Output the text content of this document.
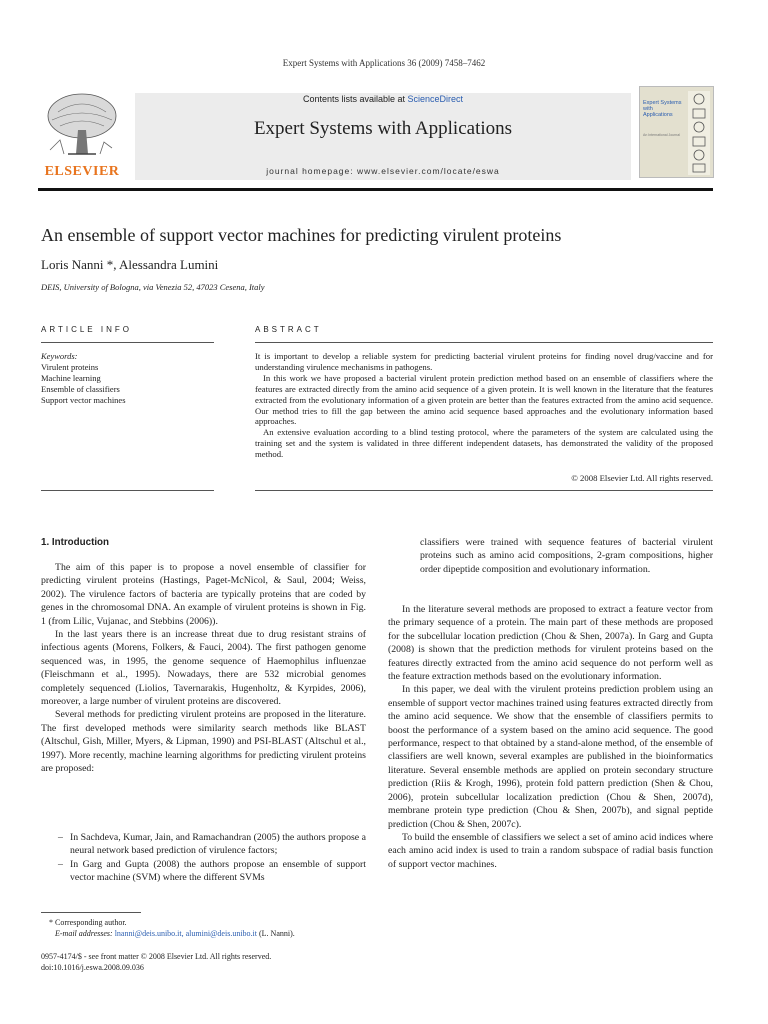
Expert Systems with Applications 36 (2009) 7458–7462
Contents lists available at ScienceDirect
Expert Systems with Applications
journal homepage: www.elsevier.com/locate/eswa
ELSEVIER
Expert Systems with Applications
An International Journal
An ensemble of support vector machines for predicting virulent proteins
Loris Nanni *, Alessandra Lumini
DEIS, University of Bologna, via Venezia 52, 47023 Cesena, Italy
ARTICLE INFO	ABSTRACT
Keywords:
Virulent proteins
Machine learning
Ensemble of classifiers
Support vector machines

It is important to develop a reliable system for predicting bacterial virulent proteins for finding novel drug/vaccine and for understanding virulence mechanisms in pathogens.

In this work we have proposed a bacterial virulent protein prediction method based on an ensemble of classifiers where the features are extracted directly from the amino acid sequence of a given protein. It is well known in the literature that the features extracted from the evolutionary information of a given protein are better than the features extracted from the amino acid sequence. Our method tries to fill the gap between the amino acid sequence based approaches and the evolutionary information based approaches.

An extensive evaluation according to a blind testing protocol, where the parameters of the system are calculated using the training set and the system is validated in three different independent datasets, has demonstrated the validity of the proposed method.

© 2008 Elsevier Ltd. All rights reserved.
1. Introduction

The aim of this paper is to propose a novel ensemble of classifier for predicting virulent proteins (Hastings, Paget-McNicol, & Saul, 2004; Weiss, 2002). The virulence factors of bacteria are typically proteins that are coded by genes in the chromosomal DNA. An example of virulent proteins is shown in Fig. 1 (from Lilic, Vujanac, and Stebbins (2006)).

In the last years there is an increase threat due to drug resistant strains of infectious agents (Morens, Folkers, & Fauci, 2004). The first pathogen genome sequenced was, in 1995, the genome sequence of Haemophilus influenzae (Fleischmann et al., 1995). Nowadays, there are 532 microbial genomes completely sequenced (Liolios, Tavernarakis, Hugenholtz, & Kyrpides, 2006), moreover, a large number of virulent proteins are discovered.

Several methods for predicting virulent proteins are proposed in the literature. The first developed methods were similarity search methods like BLAST (Altschul, Gish, Miller, Myers, & Lipman, 1990) and PSI-BLAST (Altschul et al., 1997). More recently, machine learning algorithms for predicting virulent proteins are proposed:

– In Sachdeva, Kumar, Jain, and Ramachandran (2005) the authors propose a neural network based prediction of virulence factors;
– In Garg and Gupta (2008) the authors propose an ensemble of support vector machine (SVM) where the different SVMs
classifiers were trained with sequence features of bacterial virulent proteins such as amino acid compositions, 2-gram compositions, higher order dipeptide composition and evolutionary information.

In the literature several methods are proposed to extract a feature vector from the primary sequence of a protein. The main part of these methods are proposed for the subcellular location prediction (Chou & Shen, 2007a). In Garg and Gupta (2008) is shown that the prediction methods for virulent proteins based on the features directly extracted from the amino acid sequence do not perform well as the feature extraction methods based on the evolutionary information.

In this paper, we deal with the virulent proteins prediction problem using an ensemble of support vector machines trained using features extracted directly from the amino acid sequence. We show that the ensemble of classifiers permits to boost the performance of a system based on the amino acid sequence. The good performance, respect to that obtained by a stand-alone method, of the ensemble of classifiers are well known, several examples are published in the bioinformatics literature. Several ensemble methods are applied on protein secondary structure prediction (Riis & Krogh, 1996), protein fold pattern prediction (Shen & Chou, 2006), protein subcellular localization prediction (Chou & Shen, 2007d), membrane protein type prediction (Chou & Shen, 2007b), and signal peptide prediction (Chou & Shen, 2007c).

To build the ensemble of classifiers we select a set of amino acid indices where each amino acid index is used to train a random subspace of radial basis function of support vector machines.

* Corresponding author.
E-mail addresses: lnanni@deis.unibo.it, alumini@deis.unibo.it (L. Nanni).
0957-4174/$ - see front matter © 2008 Elsevier Ltd. All rights reserved.
doi:10.1016/j.eswa.2008.09.036
